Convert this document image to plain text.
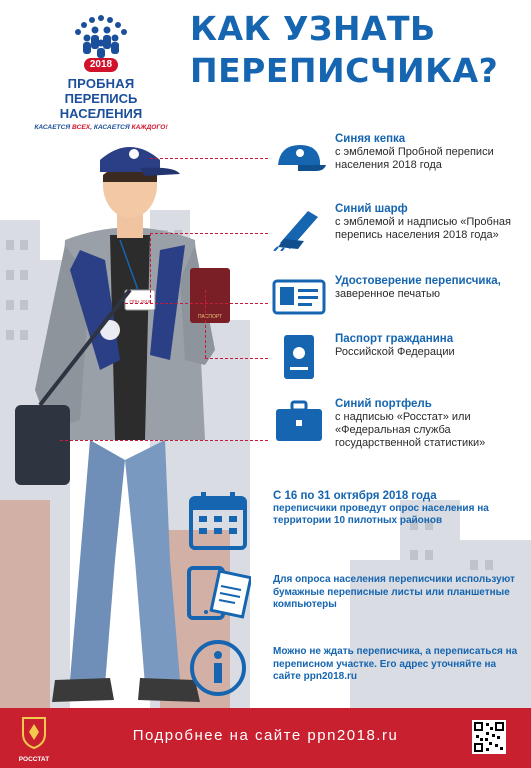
2018
ПРОБНАЯ
ПЕРЕПИСЬ НАСЕЛЕНИЯ
КАСАЕТСЯ ВСЕХ, КАСАЕТСЯ КАЖДОГО!
КАК УЗНАТЬ
ПЕРЕПИСЧИКА?
ПАСПОРТ
ППН 2018
Синяя кепка
с эмблемой Пробной переписи населения 2018 года
Синий шарф
с эмблемой и надписью «Пробная перепись населения 2018 года»
Удостоверение переписчика,
заверенное печатью
Паспорт гражданина
Российской Федерации
Синий портфель
с надписью «Росстат» или «Федеральная служба государственной статистики»
С 16 по 31 октября 2018 года
переписчики проведут опрос населения на территории 10 пилотных районов
Для опроса населения переписчики используют бумажные переписные листы или планшетные компьютеры
Можно не ждать переписчика, а переписаться на переписном участке. Его адрес уточняйте на сайте ppn2018.ru
РОССТАТ
Подробнее на сайте ppn2018.ru
